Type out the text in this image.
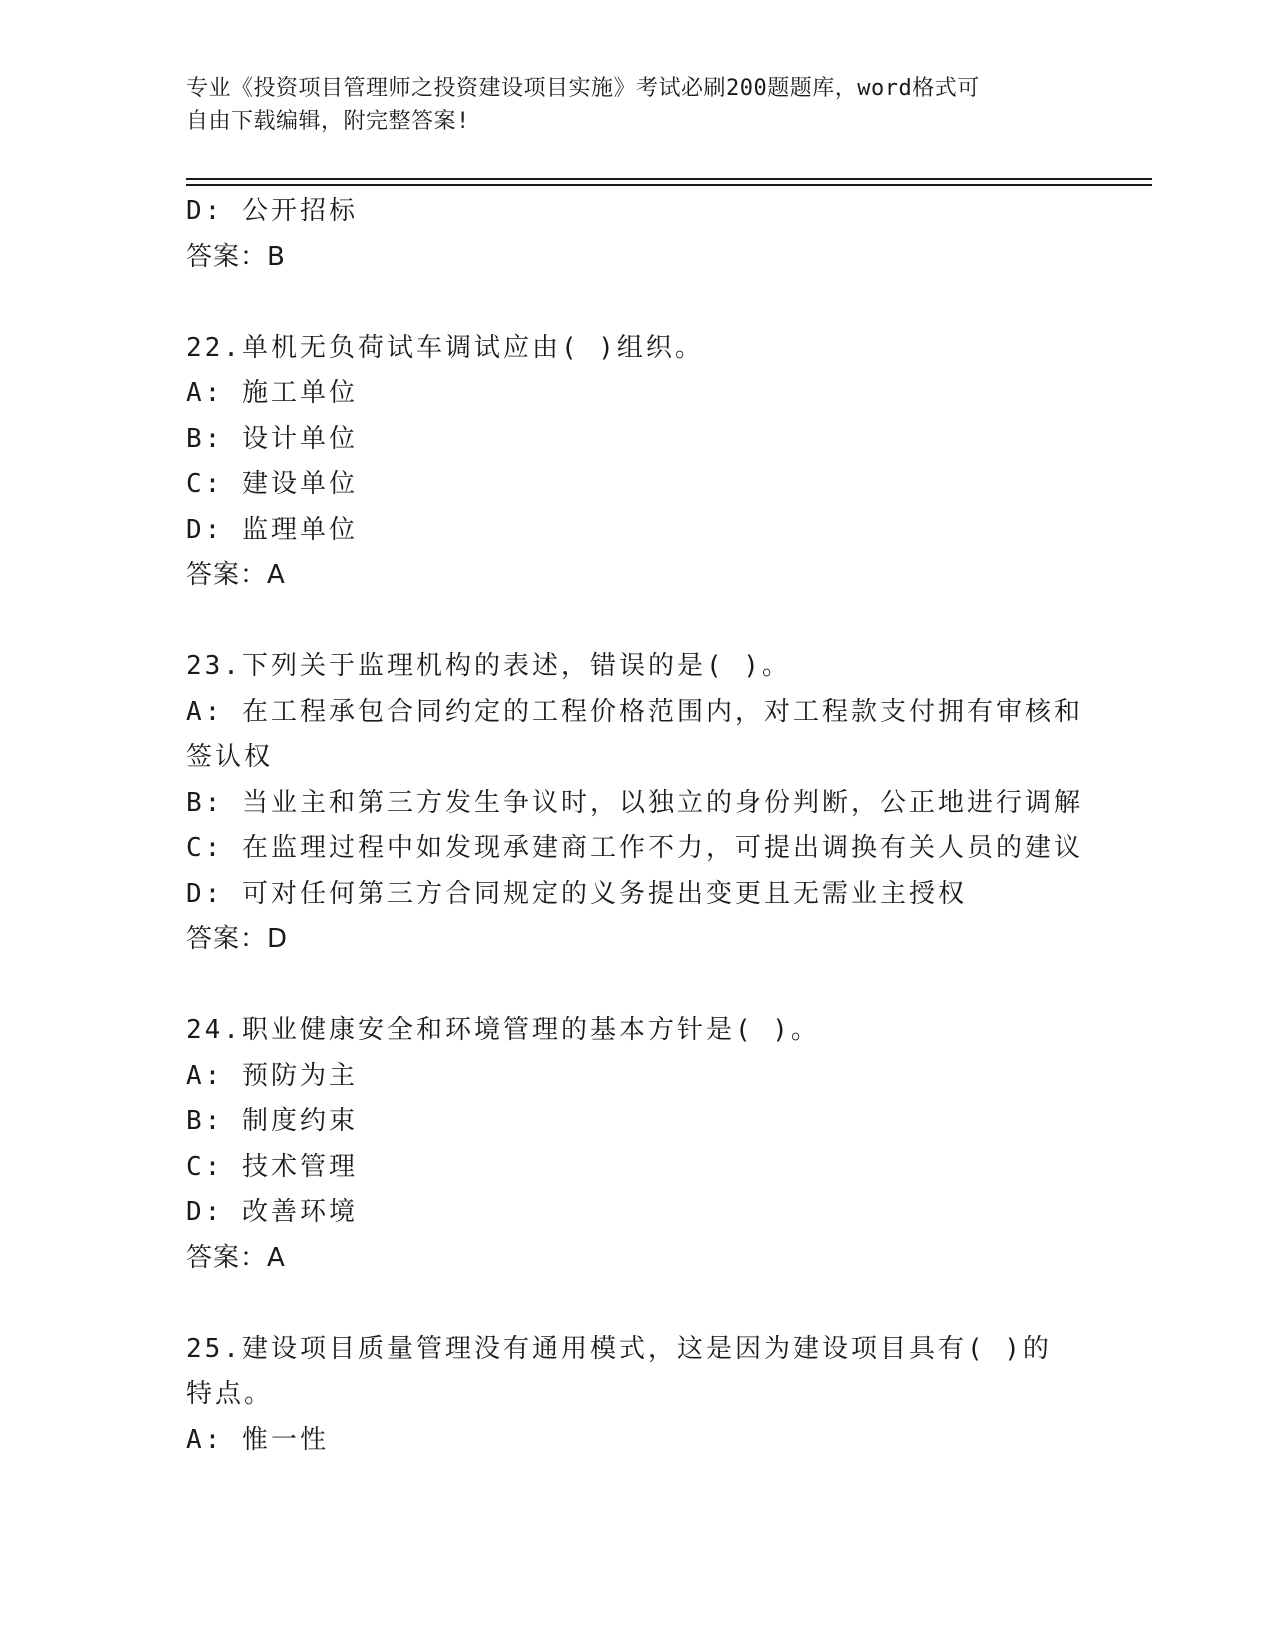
专业《投资项目管理师之投资建设项目实施》考试必刷200题题库，word格式可
自由下载编辑，附完整答案!
D: 公开招标
答案：B
22.单机无负荷试车调试应由( )组织。
A: 施工单位
B: 设计单位
C: 建设单位
D: 监理单位
答案：A
23.下列关于监理机构的表述，错误的是( )。
A: 在工程承包合同约定的工程价格范围内，对工程款支付拥有审核和
签认权
B: 当业主和第三方发生争议时，以独立的身份判断，公正地进行调解
C: 在监理过程中如发现承建商工作不力，可提出调换有关人员的建议
D: 可对任何第三方合同规定的义务提出变更且无需业主授权
答案：D
24.职业健康安全和环境管理的基本方针是( )。
A: 预防为主
B: 制度约束
C: 技术管理
D: 改善环境
答案：A
25.建设项目质量管理没有通用模式，这是因为建设项目具有( )的
特点。
A: 惟一性
